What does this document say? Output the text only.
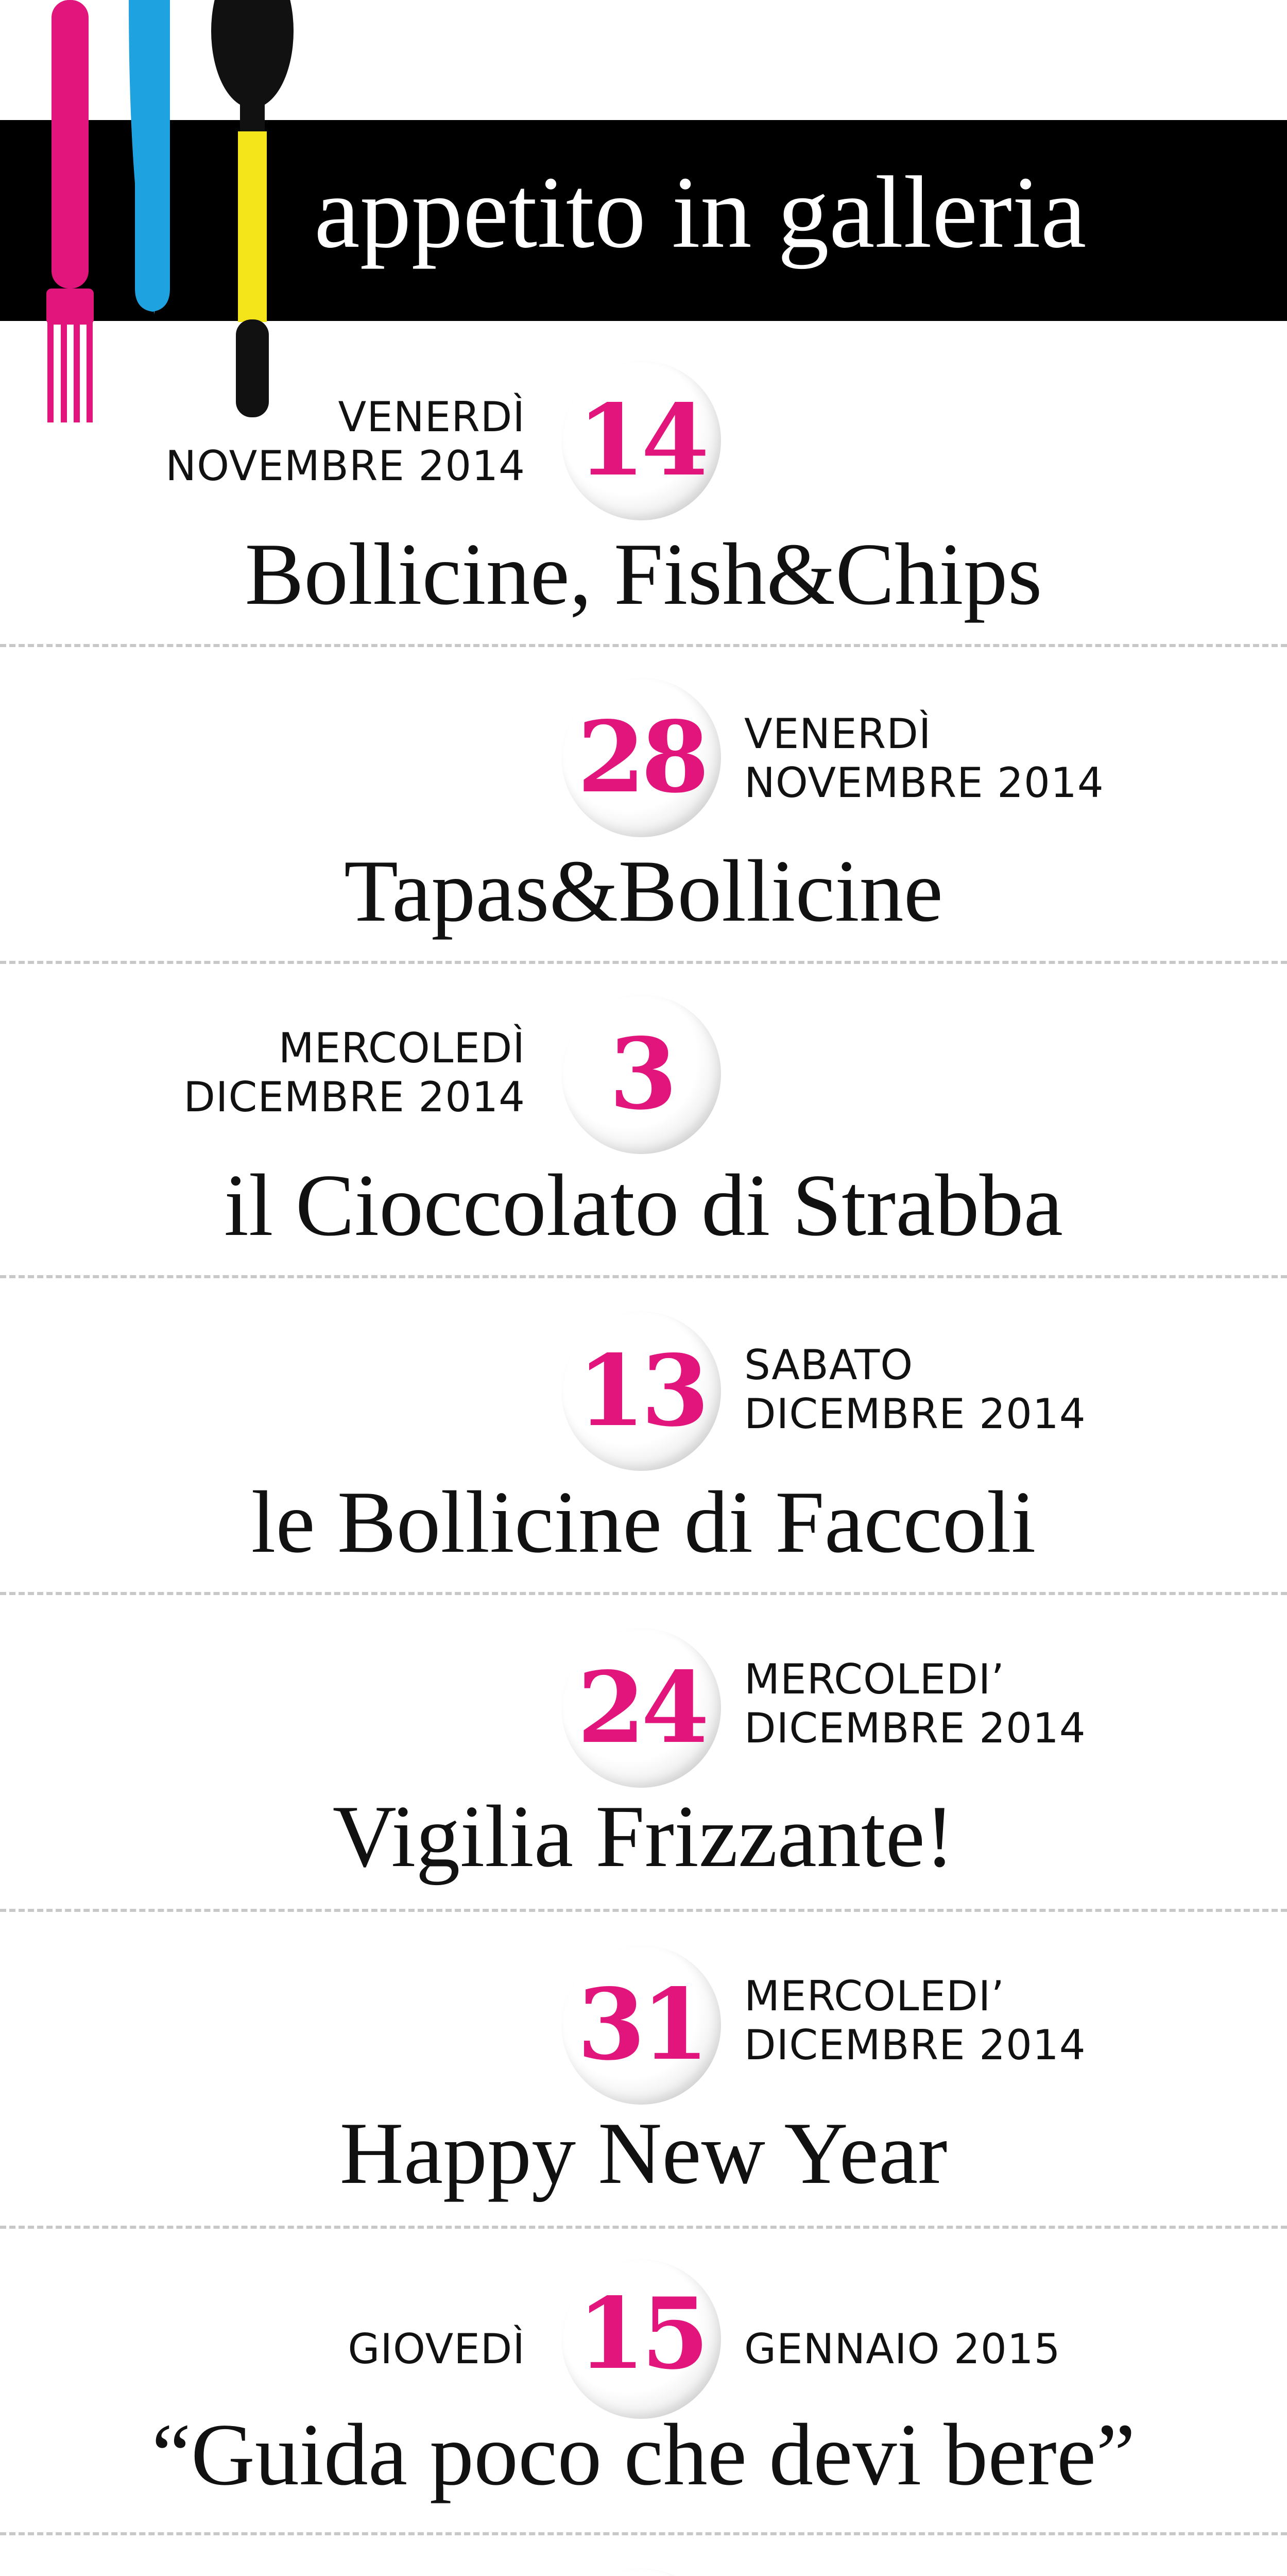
appetito in galleria
14
VENERDÌ
NOVEMBRE 2014
Bollicine, Fish&Chips
28 VENERDÌ
NOVEMBRE 2014
Tapas&Bollicine
3
MERCOLEDÌ
DICEMBRE 2014
il Cioccolato di Strabba
13 SABATO
DICEMBRE 2014
le Bollicine di Faccoli
24 MERCOLEDI’
DICEMBRE 2014
Vigilia Frizzante!
31 MERCOLEDI’
DICEMBRE 2014
Happy New Year
15
GIOVEDÌ	GENNAIO 2015
“Guida poco che devi bere”
